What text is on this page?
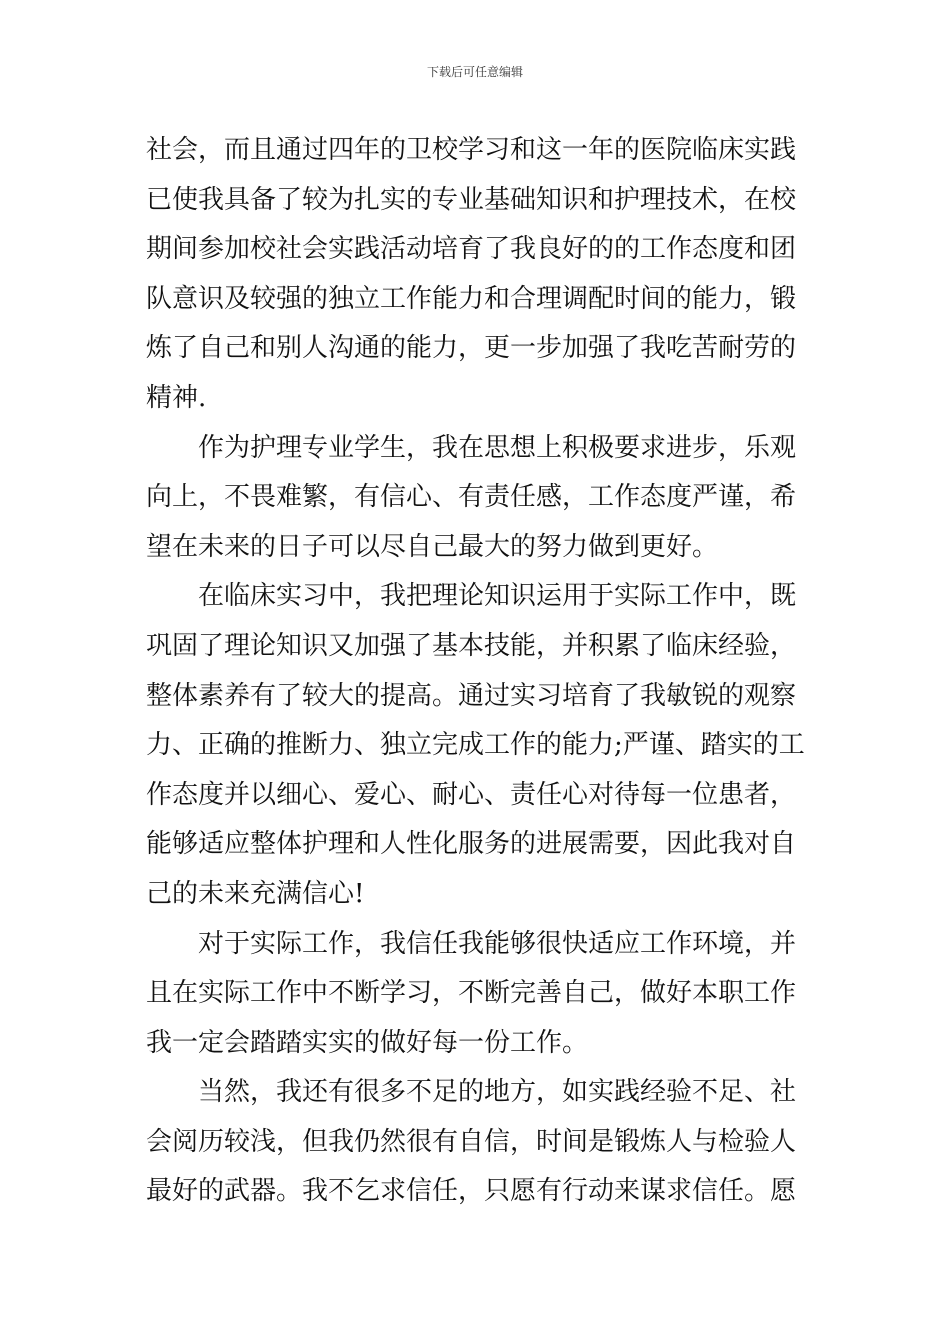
下载后可任意编辑

社会，而且通过四年的卫校学习和这一年的医院临床实践
已使我具备了较为扎实的专业基础知识和护理技术，在校
期间参加校社会实践活动培育了我良好的的工作态度和团
队意识及较强的独立工作能力和合理调配时间的能力，锻
炼了自己和别人沟通的能力，更一步加强了我吃苦耐劳的
精神.

作为护理专业学生，我在思想上积极要求进步，乐观
向上，不畏难繁，有信心、有责任感，工作态度严谨，希
望在未来的日子可以尽自己最大的努力做到更好。

在临床实习中，我把理论知识运用于实际工作中，既
巩固了理论知识又加强了基本技能，并积累了临床经验，
整体素养有了较大的提高。通过实习培育了我敏锐的观察
力、正确的推断力、独立完成工作的能力;严谨、踏实的工
作态度并以细心、爱心、耐心、责任心对待每一位患者，
能够适应整体护理和人性化服务的进展需要，因此我对自
己的未来充满信心!

对于实际工作，我信任我能够很快适应工作环境，并
且在实际工作中不断学习，不断完善自己，做好本职工作
我一定会踏踏实实的做好每一份工作。

当然，我还有很多不足的地方，如实践经验不足、社
会阅历较浅，但我仍然很有自信，时间是锻炼人与检验人
最好的武器。我不乞求信任，只愿有行动来谋求信任。愿
